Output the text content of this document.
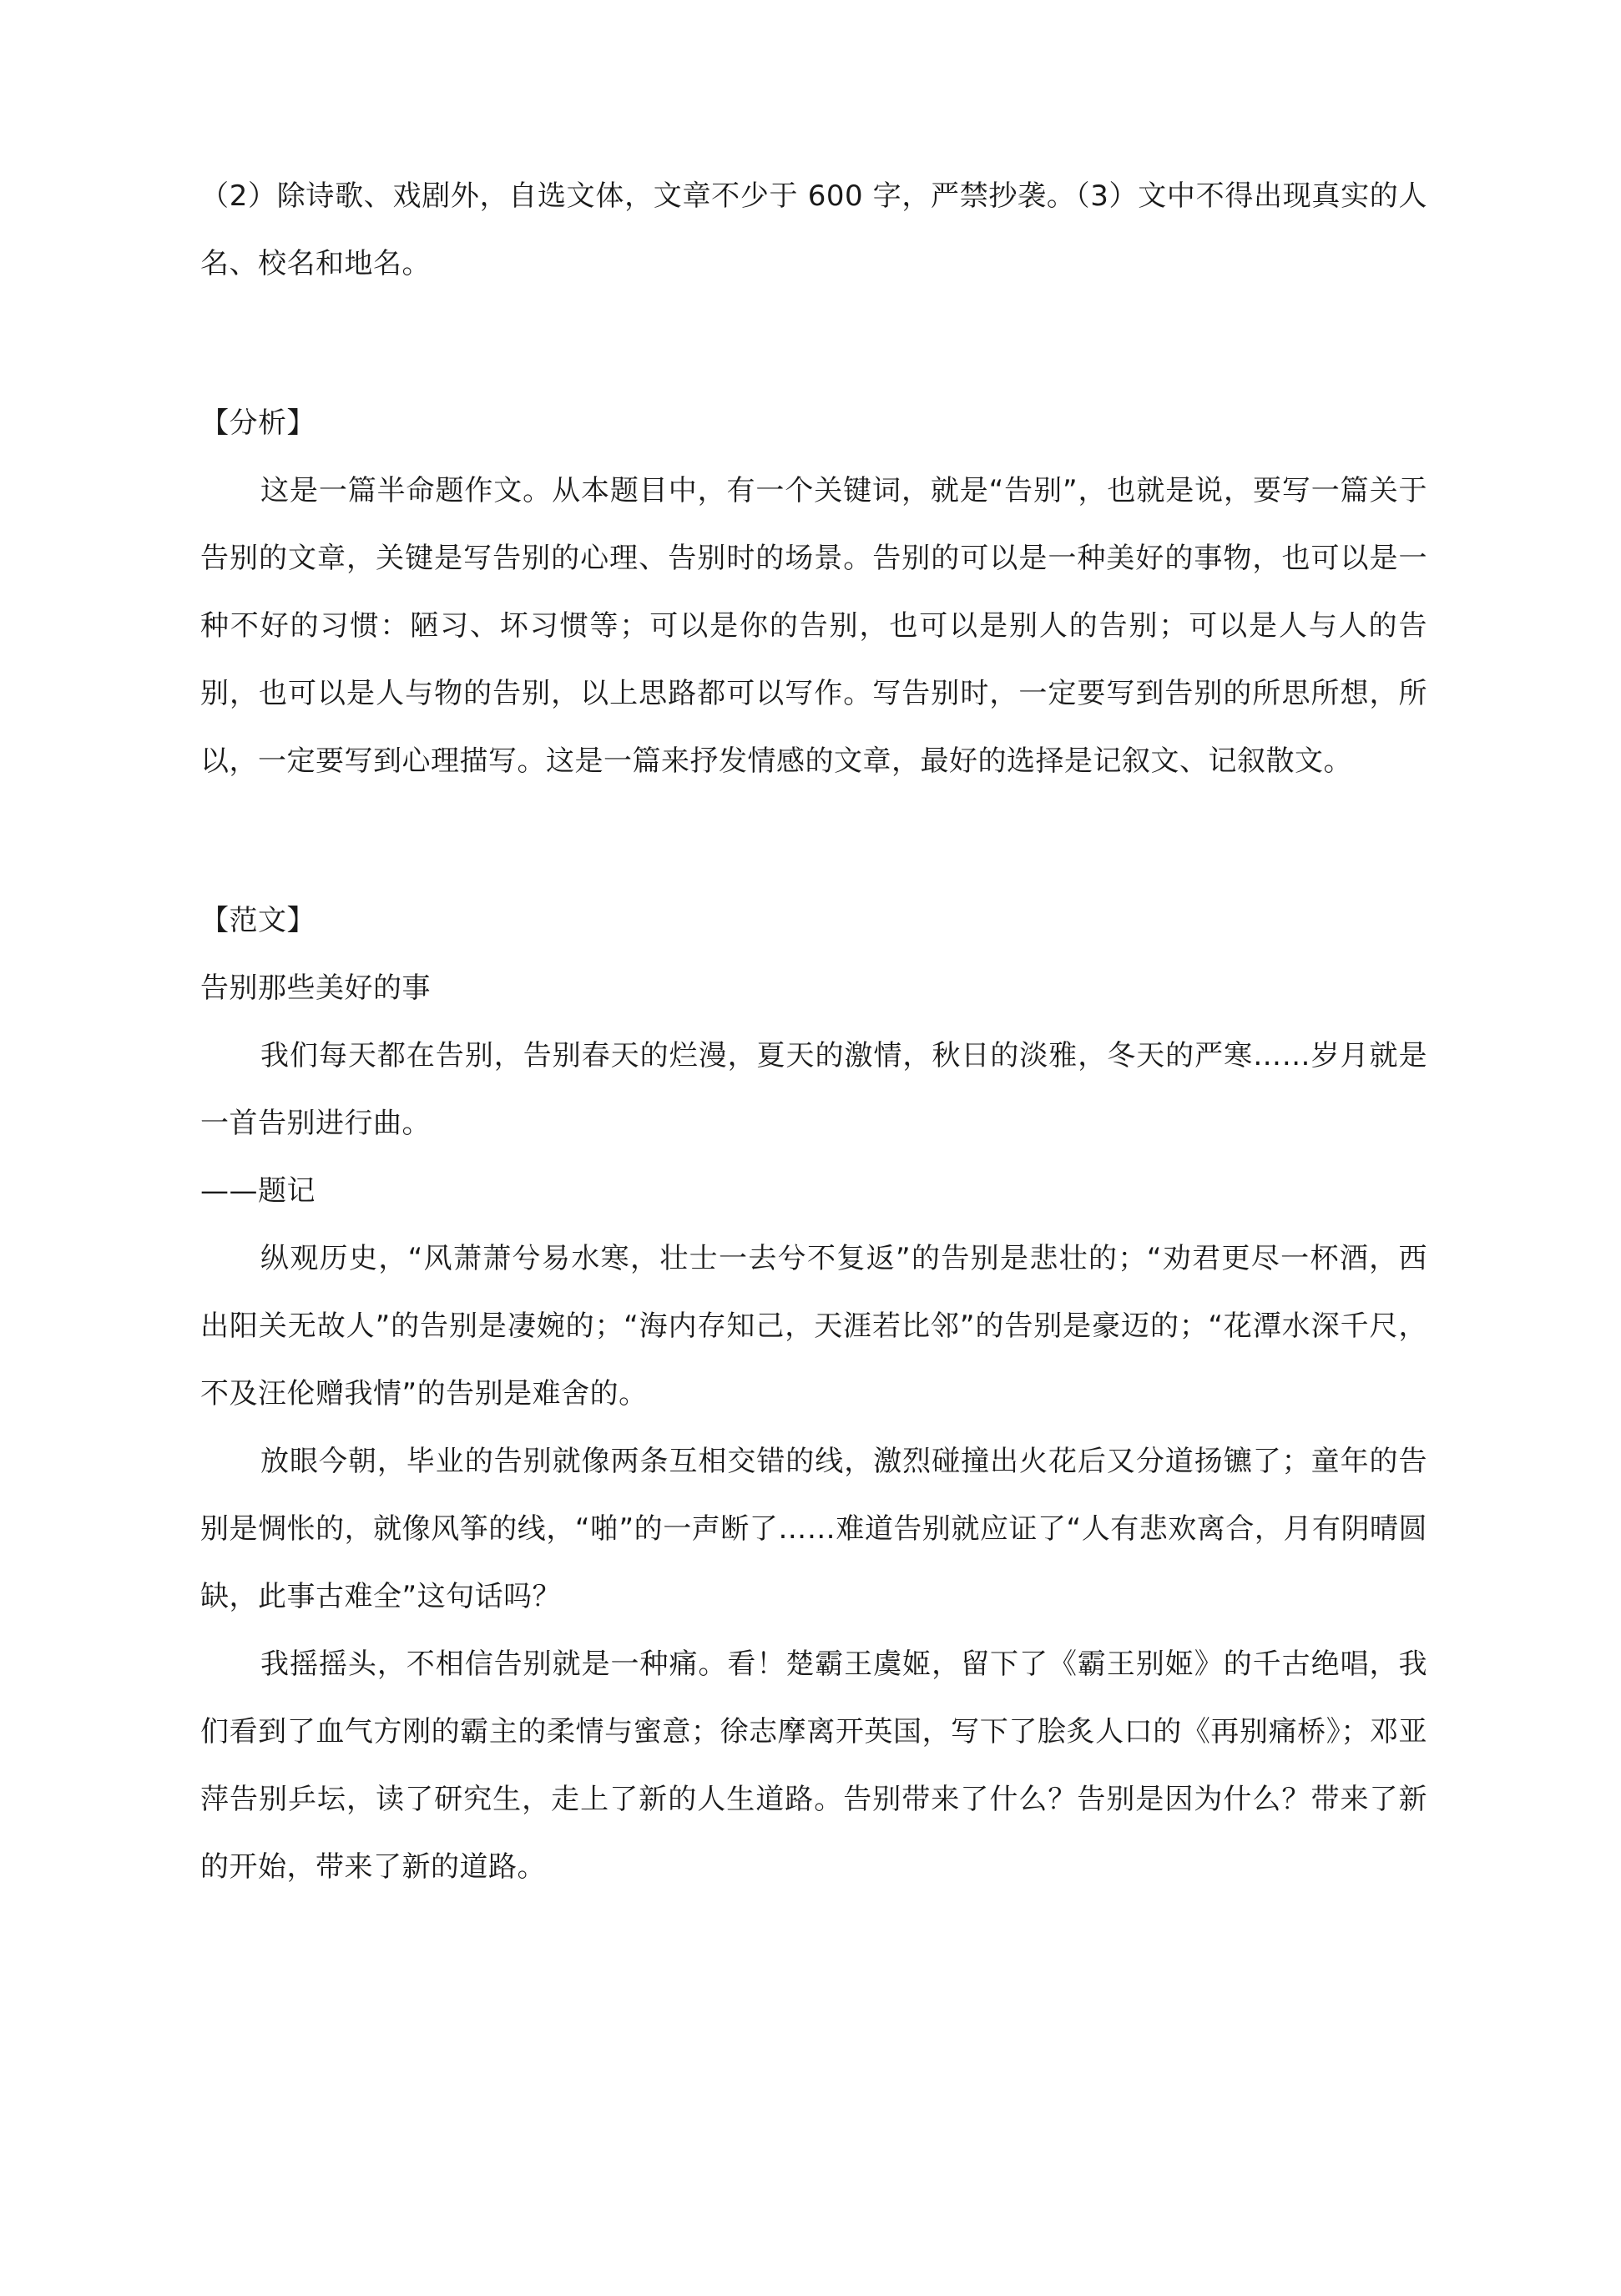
（2）除诗歌、戏剧外，自选文体，文章不少于 600 字，严禁抄袭。（3）文中不得出现真实的人名、校名和地名。

【分析】

这是一篇半命题作文。从本题目中，有一个关键词，就是“告别”，也就是说，要写一篇关于告别的文章，关键是写告别的心理、告别时的场景。告别的可以是一种美好的事物，也可以是一种不好的习惯：陋习、坏习惯等；可以是你的告别，也可以是别人的告别；可以是人与人的告别，也可以是人与物的告别，以上思路都可以写作。写告别时，一定要写到告别的所思所想，所以，一定要写到心理描写。这是一篇来抒发情感的文章，最好的选择是记叙文、记叙散文。

【范文】

告别那些美好的事

我们每天都在告别，告别春天的烂漫，夏天的激情，秋日的淡雅，冬天的严寒……岁月就是一首告别进行曲。

——题记

纵观历史，“风萧萧兮易水寒，壮士一去兮不复返”的告别是悲壮的；“劝君更尽一杯酒，西出阳关无故人”的告别是凄婉的；“海内存知己，天涯若比邻”的告别是豪迈的；“花潭水深千尺，不及汪伦赠我情”的告别是难舍的。

放眼今朝，毕业的告别就像两条互相交错的线，激烈碰撞出火花后又分道扬镳了；童年的告别是惆怅的，就像风筝的线，“啪”的一声断了……难道告别就应证了“人有悲欢离合，月有阴晴圆缺，此事古难全”这句话吗？

我摇摇头，不相信告别就是一种痛。看！楚霸王虞姬，留下了《霸王别姬》的千古绝唱，我们看到了血气方刚的霸主的柔情与蜜意；徐志摩离开英国，写下了脍炙人口的《再别痛桥》；邓亚萍告别乒坛，读了研究生，走上了新的人生道路。告别带来了什么？告别是因为什么？带来了新的开始，带来了新的道路。
